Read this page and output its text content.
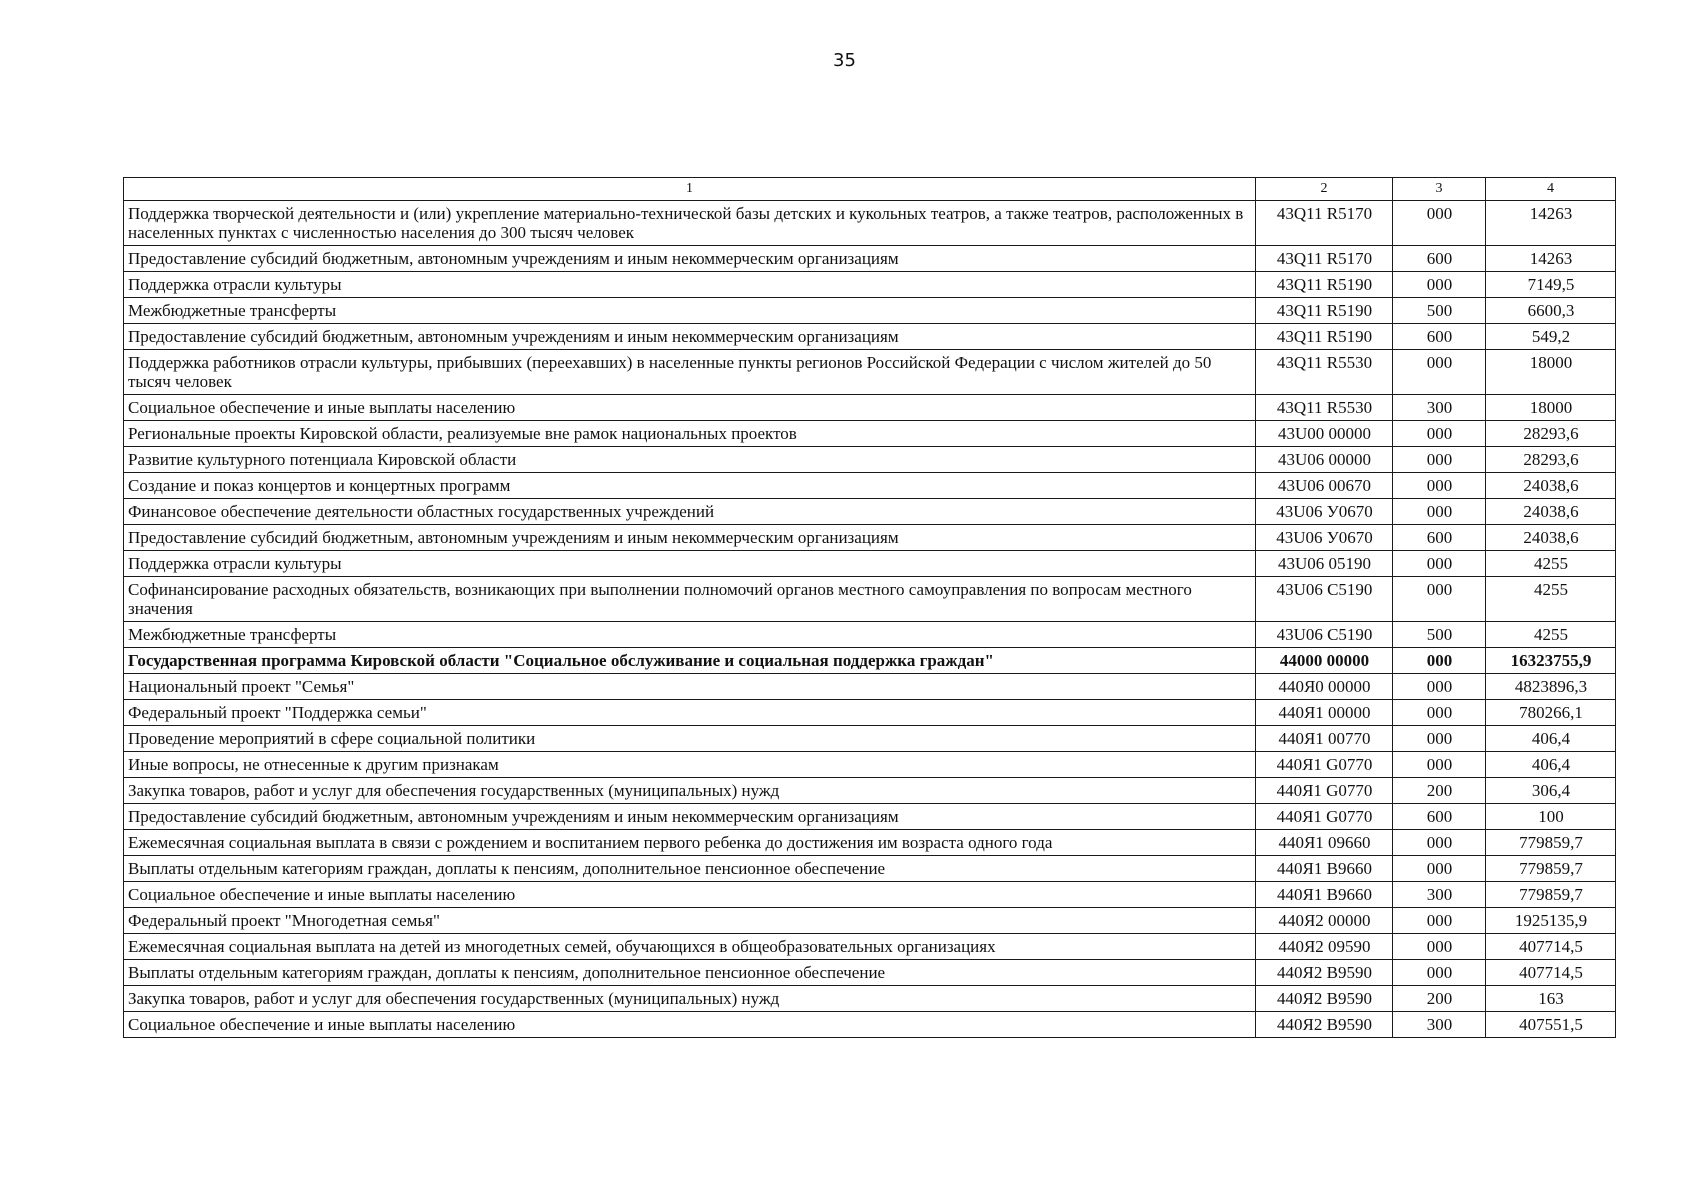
35
1	2	3	4
Поддержка творческой деятельности и (или) укрепление материально-технической базы детских и кукольных театров, а также театров, расположенных в населенных пунктах с численностью населения до 300 тысяч человек	43Q11 R5170	000	14263
Предоставление субсидий бюджетным, автономным учреждениям и иным некоммерческим организациям	43Q11 R5170	600	14263
Поддержка отрасли культуры	43Q11 R5190	000	7149,5
Межбюджетные трансферты	43Q11 R5190	500	6600,3
Предоставление субсидий бюджетным, автономным учреждениям и иным некоммерческим организациям	43Q11 R5190	600	549,2
Поддержка работников отрасли культуры, прибывших (переехавших) в населенные пункты регионов Российской Федерации с числом жителей до 50 тысяч человек	43Q11 R5530	000	18000
Социальное обеспечение и иные выплаты населению	43Q11 R5530	300	18000
Региональные проекты Кировской области, реализуемые вне рамок национальных проектов	43U00 00000	000	28293,6
Развитие культурного потенциала Кировской области	43U06 00000	000	28293,6
Создание и показ концертов и концертных программ	43U06 00670	000	24038,6
Финансовое обеспечение деятельности областных государственных учреждений	43U06 У0670	000	24038,6
Предоставление субсидий бюджетным, автономным учреждениям и иным некоммерческим организациям	43U06 У0670	600	24038,6
Поддержка отрасли культуры	43U06 05190	000	4255
Софинансирование расходных обязательств, возникающих при выполнении полномочий органов местного самоуправления по вопросам местного значения	43U06 C5190	000	4255
Межбюджетные трансферты	43U06 C5190	500	4255
Государственная программа Кировской области "Социальное обслуживание и социальная поддержка граждан"	44000 00000	000	16323755,9
Национальный проект "Семья"	440Я0 00000	000	4823896,3
Федеральный проект "Поддержка семьи"	440Я1 00000	000	780266,1
Проведение мероприятий в сфере социальной политики	440Я1 00770	000	406,4
Иные вопросы, не отнесенные к другим признакам	440Я1 G0770	000	406,4
Закупка товаров, работ и услуг для обеспечения государственных (муниципальных) нужд	440Я1 G0770	200	306,4
Предоставление субсидий бюджетным, автономным учреждениям и иным некоммерческим организациям	440Я1 G0770	600	100
Ежемесячная социальная выплата в связи с рождением и воспитанием первого ребенка до достижения им возраста одного года	440Я1 09660	000	779859,7
Выплаты отдельным категориям граждан, доплаты к пенсиям, дополнительное пенсионное обеспечение	440Я1 B9660	000	779859,7
Социальное обеспечение и иные выплаты населению	440Я1 B9660	300	779859,7
Федеральный проект "Многодетная семья"	440Я2 00000	000	1925135,9
Ежемесячная социальная выплата на детей из многодетных семей, обучающихся в общеобразовательных организациях	440Я2 09590	000	407714,5
Выплаты отдельным категориям граждан, доплаты к пенсиям, дополнительное пенсионное обеспечение	440Я2 B9590	000	407714,5
Закупка товаров, работ и услуг для обеспечения государственных (муниципальных) нужд	440Я2 B9590	200	163
Социальное обеспечение и иные выплаты населению	440Я2 B9590	300	407551,5
